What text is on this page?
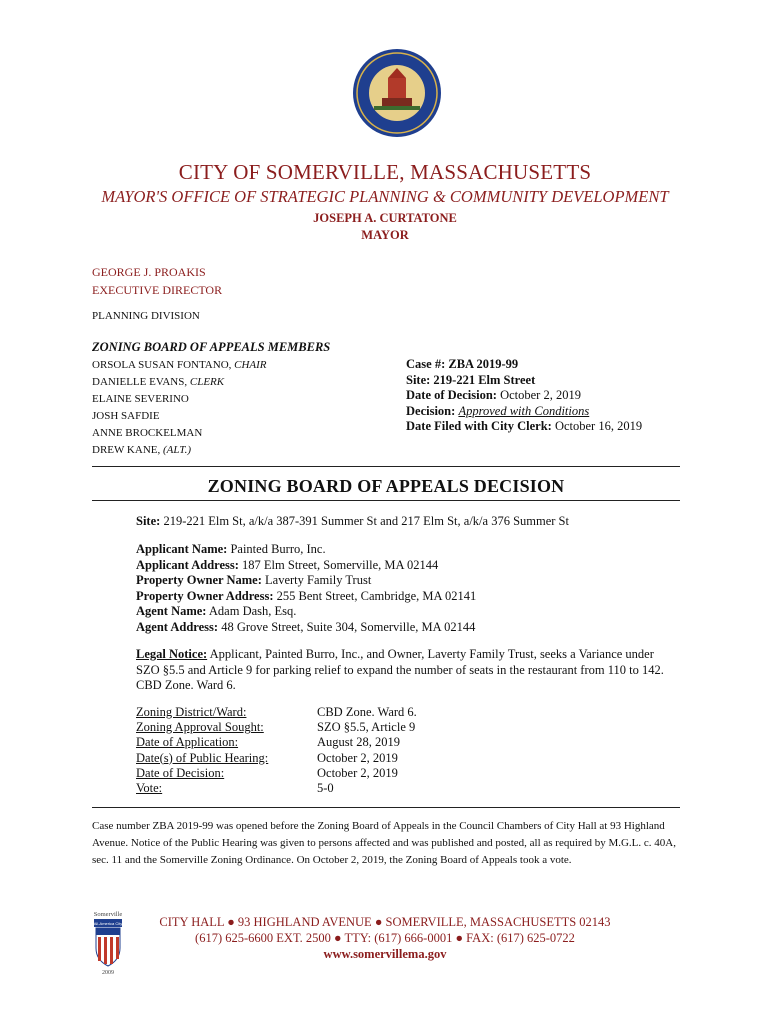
CITY OF SOMERVILLE, MASSACHUSETTS
MAYOR'S OFFICE OF STRATEGIC PLANNING & COMMUNITY DEVELOPMENT
JOSEPH A. CURTATONE
MAYOR
GEORGE J. PROAKIS
EXECUTIVE DIRECTOR
PLANNING DIVISION
ZONING BOARD OF APPEALS MEMBERS
ORSOLA SUSAN FONTANO, CHAIR
DANIELLE EVANS, CLERK
ELAINE SEVERINO
JOSH SAFDIE
ANNE BROCKELMAN
DREW KANE, (ALT.)
Case #: ZBA 2019-99
Site: 219-221 Elm Street
Date of Decision: October 2, 2019
Decision: Approved with Conditions
Date Filed with City Clerk: October 16, 2019
ZONING BOARD OF APPEALS DECISION
Site: 219-221 Elm St, a/k/a 387-391 Summer St and 217 Elm St, a/k/a 376 Summer St
Applicant Name: Painted Burro, Inc.
Applicant Address: 187 Elm Street, Somerville, MA 02144
Property Owner Name: Laverty Family Trust
Property Owner Address: 255 Bent Street, Cambridge, MA 02141
Agent Name: Adam Dash, Esq.
Agent Address: 48 Grove Street, Suite 304, Somerville, MA 02144
Legal Notice: Applicant, Painted Burro, Inc., and Owner, Laverty Family Trust, seeks a Variance under SZO §5.5 and Article 9 for parking relief to expand the number of seats in the restaurant from 110 to 142. CBD Zone. Ward 6.
Zoning District/Ward:	CBD Zone. Ward 6.
Zoning Approval Sought:	SZO §5.5, Article 9
Date of Application:	August 28, 2019
Date(s) of Public Hearing:	October 2, 2019
Date of Decision:	October 2, 2019
Vote:	5-0
Case number ZBA 2019-99 was opened before the Zoning Board of Appeals in the Council Chambers of City Hall at 93 Highland Avenue. Notice of the Public Hearing was given to persons affected and was published and posted, all as required by M.G.L. c. 40A, sec. 11 and the Somerville Zoning Ordinance. On October 2, 2019, the Zoning Board of Appeals took a vote.
Somerville
All-America City
2009
CITY HALL ● 93 HIGHLAND AVENUE ● SOMERVILLE, MASSACHUSETTS 02143
(617) 625-6600 EXT. 2500 ● TTY: (617) 666-0001 ● FAX: (617) 625-0722
www.somervillema.gov
